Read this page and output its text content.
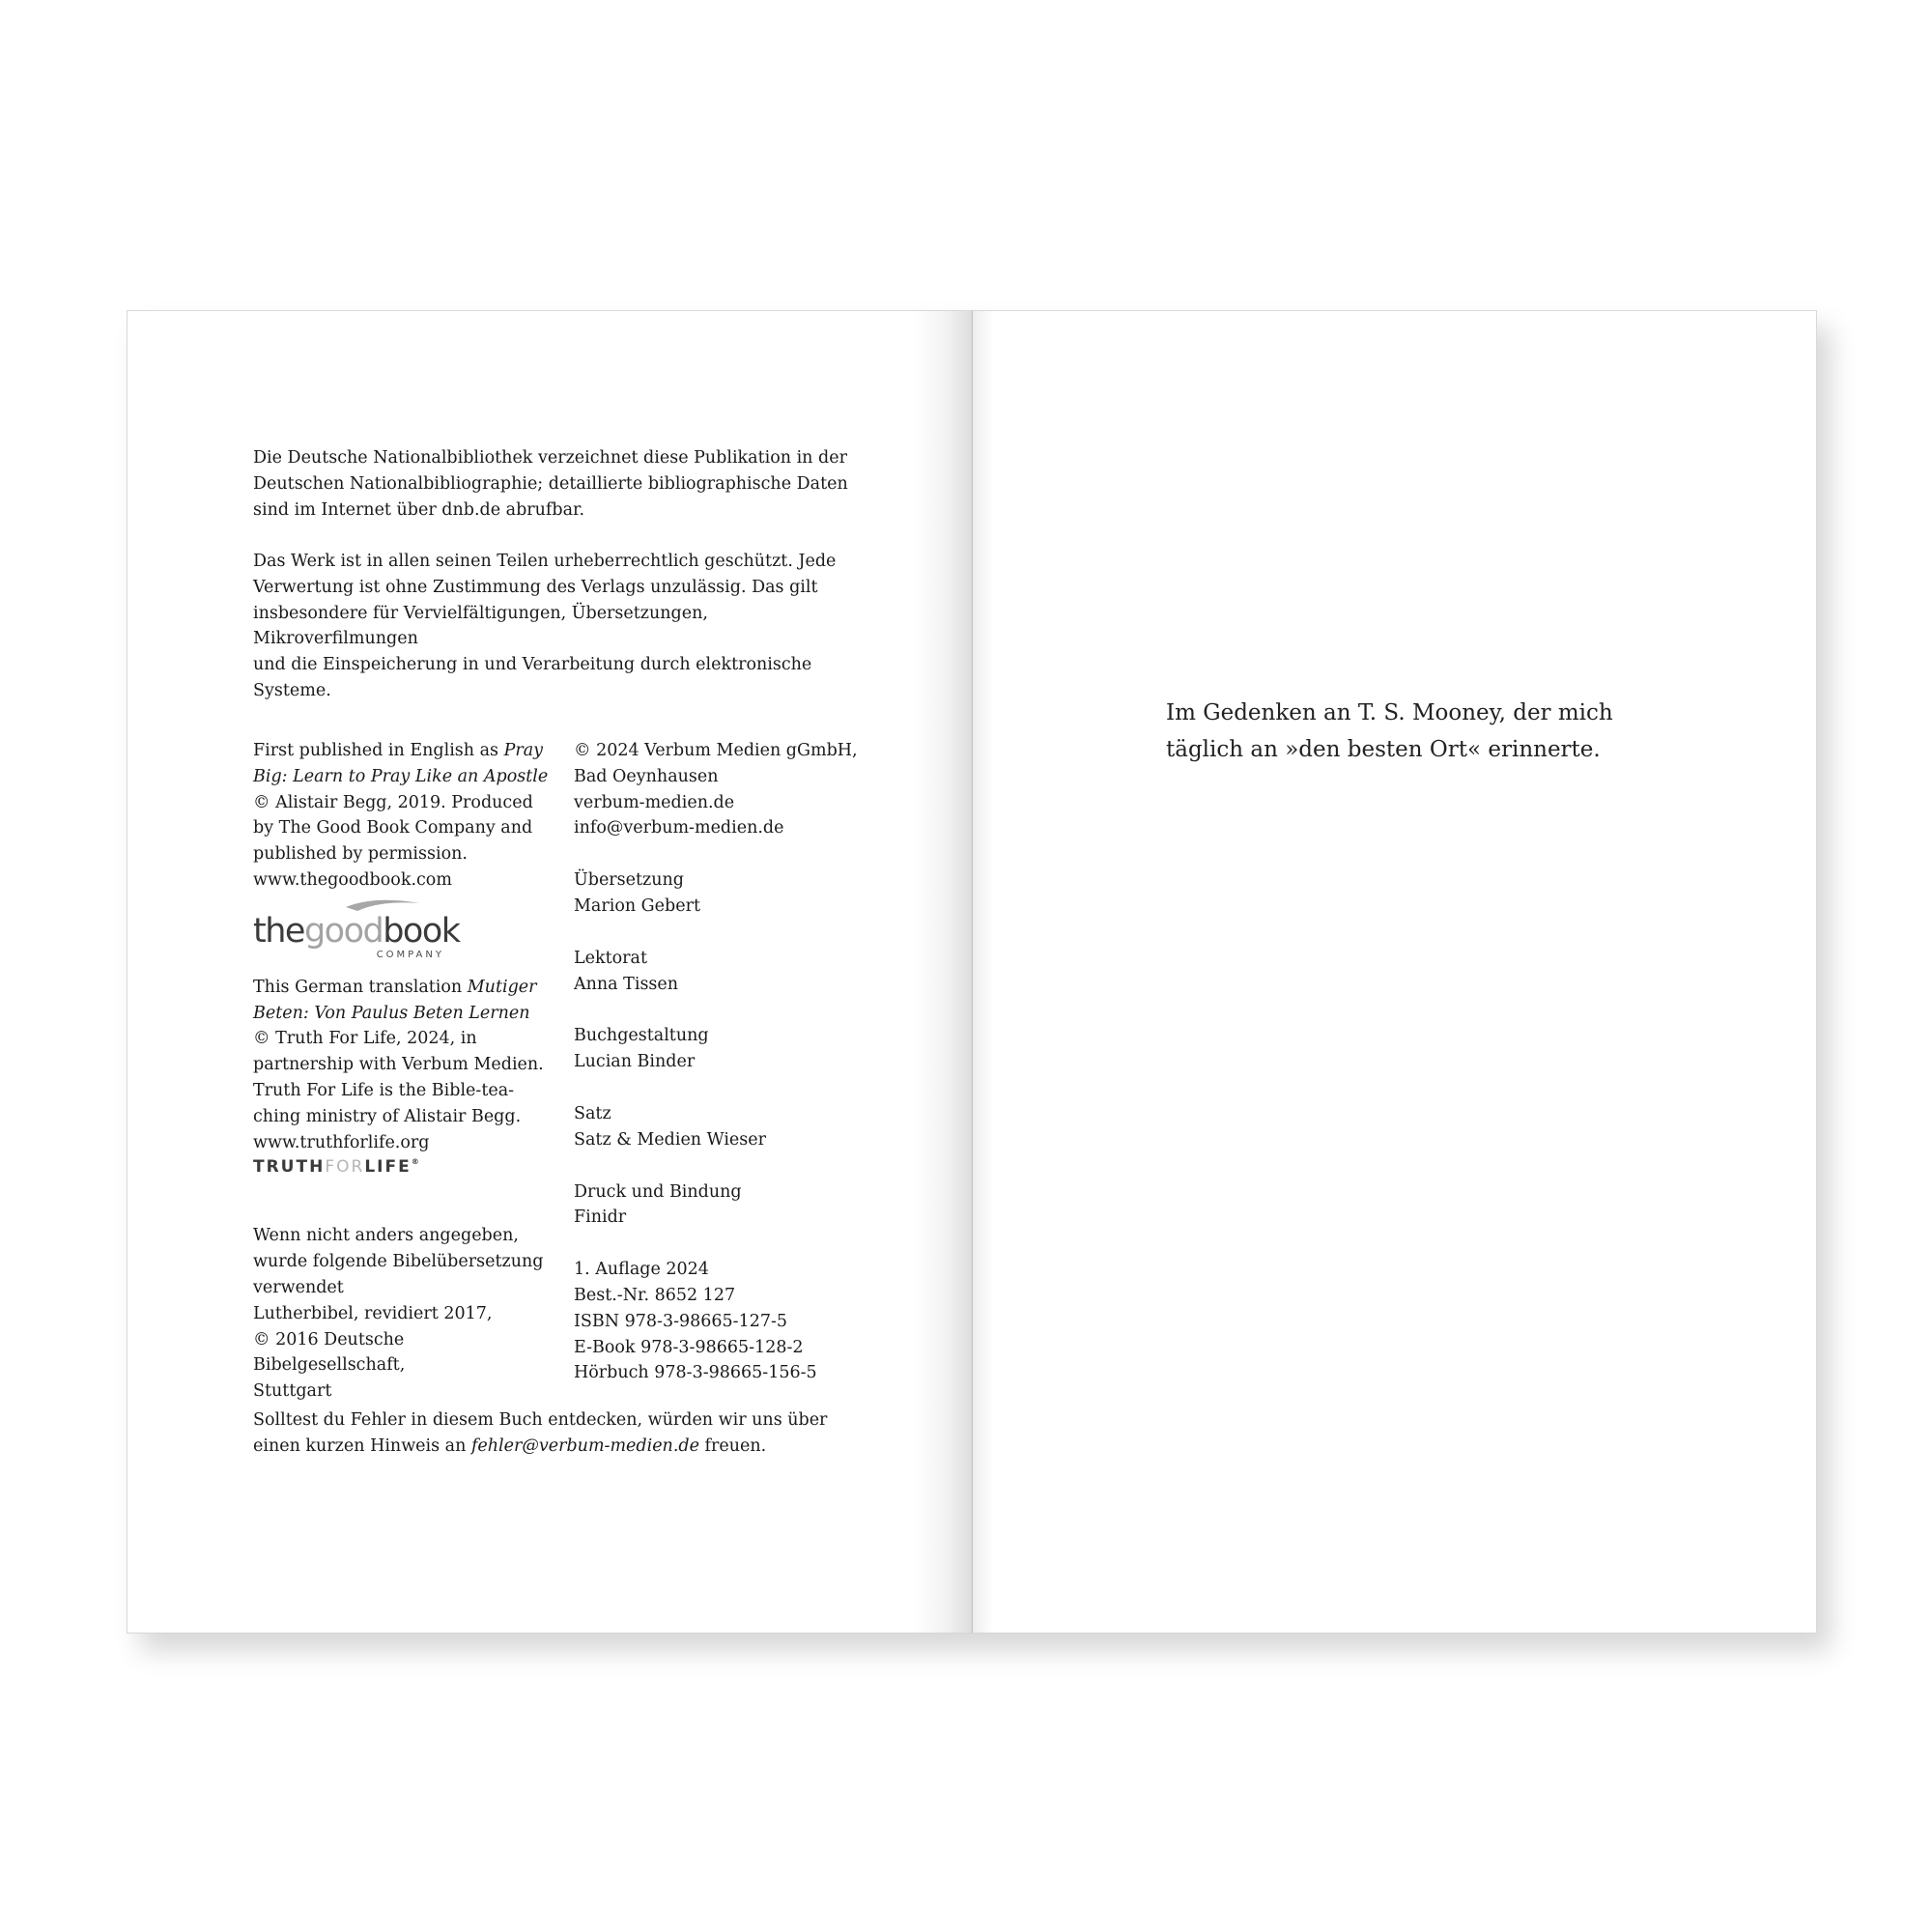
Die Deutsche Nationalbibliothek verzeichnet diese Publikation in der
Deutschen Nationalbibliographie; detaillierte bibliographische Daten
sind im Internet über dnb.de abrufbar.

Das Werk ist in allen seinen Teilen urheberrechtlich geschützt. Jede
Verwertung ist ohne Zustimmung des Verlags unzulässig. Das gilt
insbesondere für Vervielfältigungen, Übersetzungen, Mikroverfilmungen
und die Einspeicherung in und Verarbeitung durch elektronische Systeme.

First published in English as Pray
Big: Learn to Pray Like an Apostle
© Alistair Begg, 2019. Produced
by The Good Book Company and
published by permission.
www.thegoodbook.com

thegoodbook
COMPANY

This German translation Mutiger
Beten: Von Paulus Beten Lernen
© Truth For Life, 2024, in
partnership with Verbum Medien.
Truth For Life is the Bible-tea-
ching ministry of Alistair Begg.
www.truthforlife.org

TRUTHFORLIFE®

Wenn nicht anders angegeben,
wurde folgende Bibelübersetzung
verwendet
Lutherbibel, revidiert 2017,
© 2016 Deutsche Bibelgesellschaft,
Stuttgart

© 2024 Verbum Medien gGmbH,
Bad Oeynhausen
verbum-medien.de
info@verbum-medien.de

Übersetzung
Marion Gebert
Lektorat
Anna Tissen
Buchgestaltung
Lucian Binder
Satz
Satz & Medien Wieser
Druck und Bindung
Finidr

1. Auflage 2024
Best.-Nr. 8652 127
ISBN 978-3-98665-127-5
E-Book 978-3-98665-128-2
Hörbuch 978-3-98665-156-5

Solltest du Fehler in diesem Buch entdecken, würden wir uns über
einen kurzen Hinweis an fehler@verbum-medien.de freuen.

Im Gedenken an T. S. Mooney, der mich
täglich an »den besten Ort« erinnerte.
